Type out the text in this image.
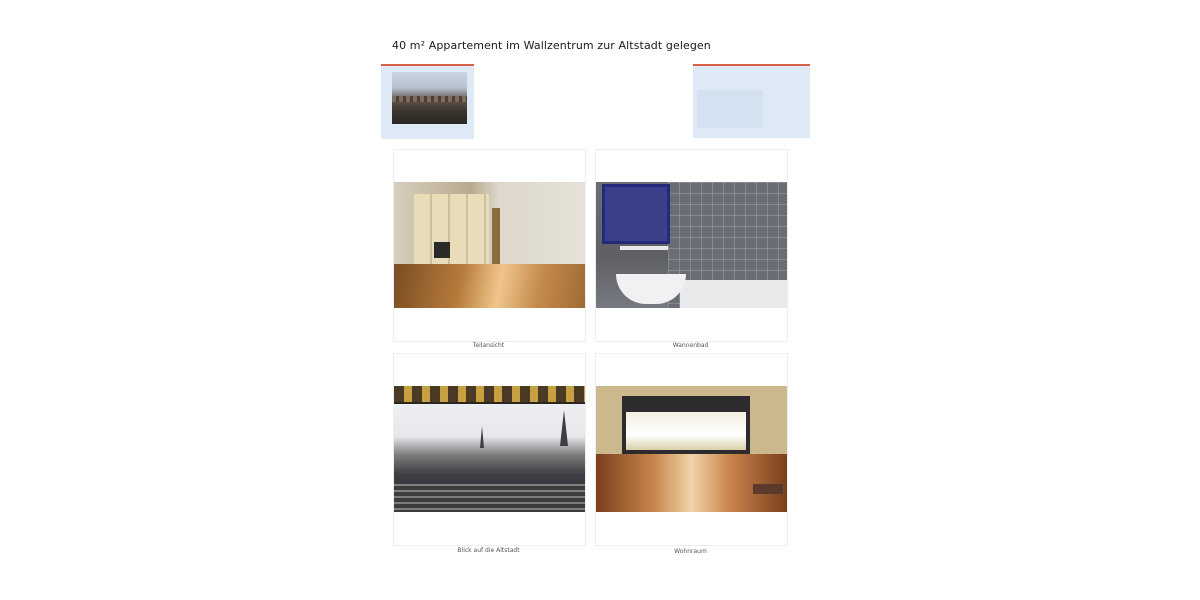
40 m² Appartement im Wallzentrum zur Altstadt gelegen
Teilansicht	Wannenbad
Blick auf die Altstadt	Wohnraum
